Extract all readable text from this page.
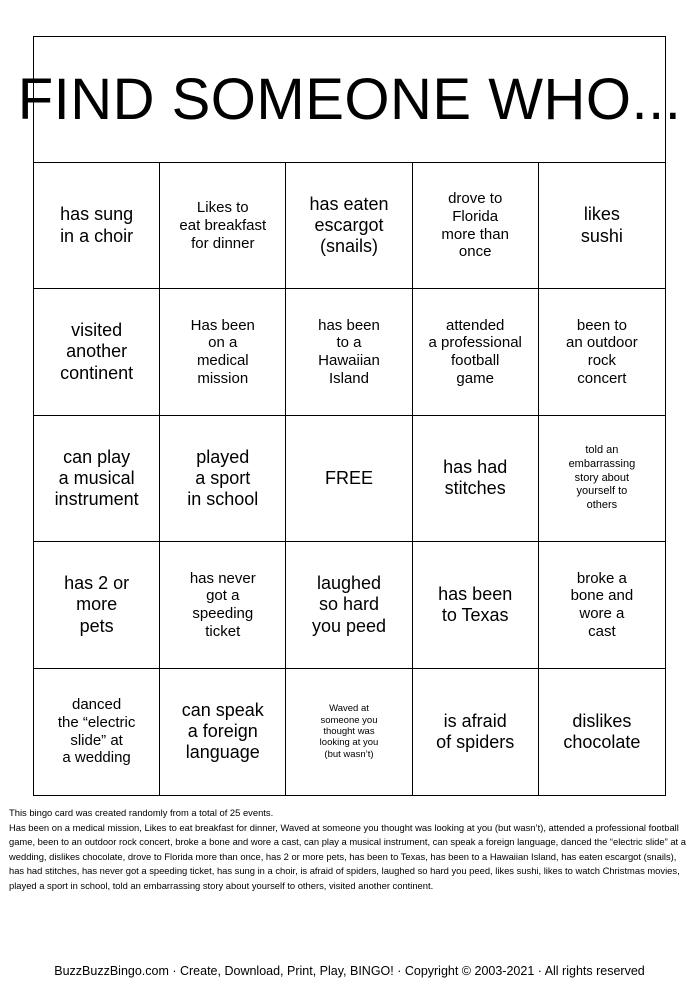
FIND SOMEONE WHO...
has sung
in a choir
Likes to
eat breakfast
for dinner
has eaten
escargot
(snails)
drove to
Florida
more than
once
likes
sushi
visited
another
continent
Has been
on a
medical
mission
has been
to a
Hawaiian
Island
attended
a professional
football
game
been to
an outdoor
rock
concert
can play
a musical
instrument
played
a sport
in school
FREE
has had
stitches
told an
embarrassing
story about
yourself to
others
has 2 or
more
pets
has never
got a
speeding
ticket
laughed
so hard
you peed
has been
to Texas
broke a
bone and
wore a
cast
danced
the “electric
slide” at
a wedding
can speak
a foreign
language
Waved at
someone you
thought was
looking at you
(but wasn’t)
is afraid
of spiders
dislikes
chocolate

This bingo card was created randomly from a total of 25 events.

Has been on a medical mission, Likes to eat breakfast for dinner, Waved at someone you thought was looking at you (but wasn’t), attended a professional football game, been to an outdoor rock concert, broke a bone and wore a cast, can play a musical instrument, can speak a foreign language, danced the “electric slide” at a wedding, dislikes chocolate, drove to Florida more than once, has 2 or more pets, has been to Texas, has been to a Hawaiian Island, has eaten escargot (snails), has had stitches, has never got a speeding ticket, has sung in a choir, is afraid of spiders, laughed so hard you peed, likes sushi, likes to watch Christmas movies, played a sport in school, told an embarrassing story about yourself to others, visited another continent.

BuzzBuzzBingo.com · Create, Download, Print, Play, BINGO! · Copyright © 2003-2021 · All rights reserved
